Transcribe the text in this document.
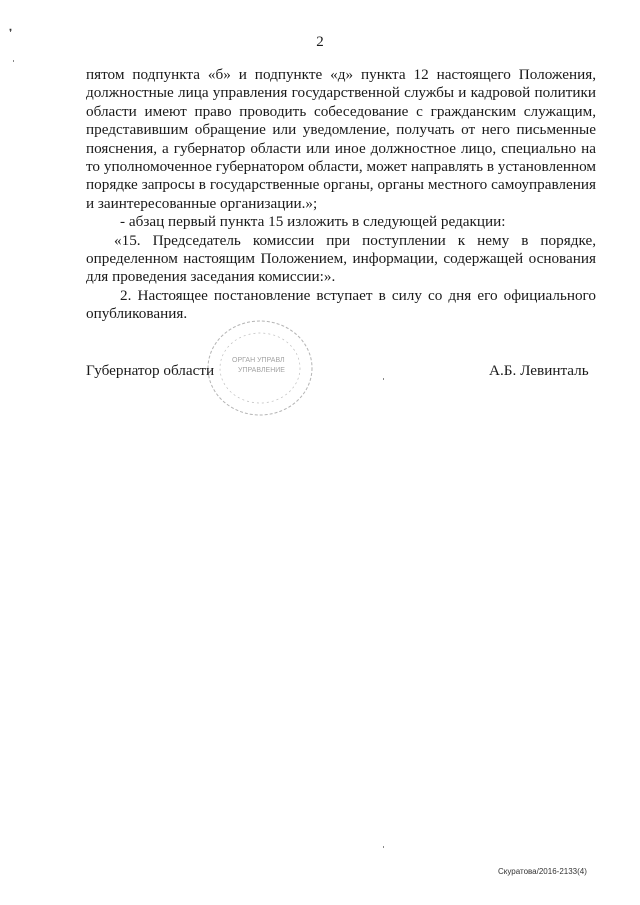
❜
2

пятом подпункта «б» и подпункте «д» пункта 12 настоящего Положения, должностные лица управления государственной службы и кадровой политики области имеют право проводить собеседование с гражданским служащим, представившим обращение или уведомление, получать от него письменные пояснения, а губернатор области или иное должностное лицо, специально на то уполномоченное губернатором области, может направлять в установленном порядке запросы в государственные органы, органы местного самоуправления и заинтересованные организации.»;

- абзац первый пункта 15 изложить в следующей редакции:

«15. Председатель комиссии при поступлении к нему в порядке, определенном настоящим Положением, информации, содержащей основания для проведения заседания комиссии:».

2. Настоящее постановление вступает в силу со дня его официального опубликования.

ОРГАН УПРАВЛ
УПРАВЛЕНИЕ
Губернатор области	А.Б. Левинталь
Скуратова/2016-2133(4)
